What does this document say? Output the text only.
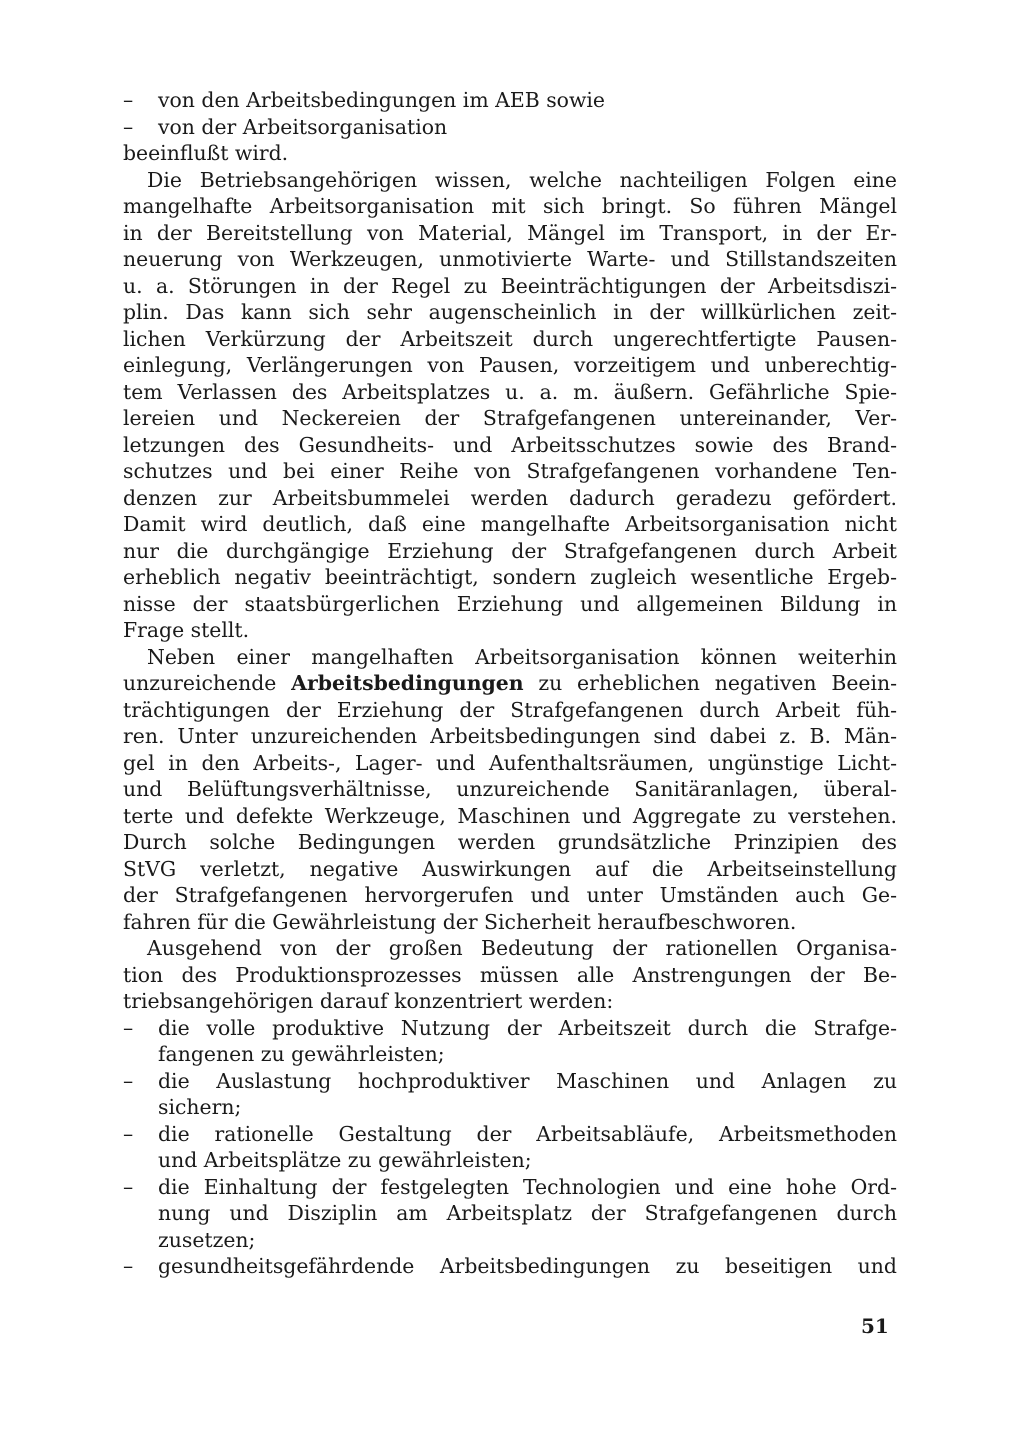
–	von den Arbeitsbedingungen im AEB sowie
–	von der Arbeitsorganisation
beeinflußt wird.
Die Betriebsangehörigen wissen, welche nachteiligen Folgen eine
mangelhafte Arbeitsorganisation mit sich bringt. So führen Mängel
in der Bereitstellung von Material, Mängel im Transport, in der Er-
neuerung von Werkzeugen, unmotivierte Warte- und Stillstandszeiten
u. a. Störungen in der Regel zu Beeinträchtigungen der Arbeitsdiszi-
plin. Das kann sich sehr augenscheinlich in der willkürlichen zeit-
lichen Verkürzung der Arbeitszeit durch ungerechtfertigte Pausen-
einlegung, Verlängerungen von Pausen, vorzeitigem und unberechtig-
tem Verlassen des Arbeitsplatzes u. a. m. äußern. Gefährliche Spie-
lereien und Neckereien der Strafgefangenen untereinander, Ver-
letzungen des Gesundheits- und Arbeitsschutzes sowie des Brand-
schutzes und bei einer Reihe von Strafgefangenen vorhandene Ten-
denzen zur Arbeitsbummelei werden dadurch geradezu gefördert.
Damit wird deutlich, daß eine mangelhafte Arbeitsorganisation nicht
nur die durchgängige Erziehung der Strafgefangenen durch Arbeit
erheblich negativ beeinträchtigt, sondern zugleich wesentliche Ergeb-
nisse der staatsbürgerlichen Erziehung und allgemeinen Bildung in
Frage stellt.
Neben einer mangelhaften Arbeitsorganisation können weiterhin
unzureichende Arbeitsbedingungen zu erheblichen negativen Beein-
trächtigungen der Erziehung der Strafgefangenen durch Arbeit füh-
ren. Unter unzureichenden Arbeitsbedingungen sind dabei z. B. Män-
gel in den Arbeits-, Lager- und Aufenthaltsräumen, ungünstige Licht-
und Belüftungsverhältnisse, unzureichende Sanitäranlagen, überal-
terte und defekte Werkzeuge, Maschinen und Aggregate zu verstehen.
Durch solche Bedingungen werden grundsätzliche Prinzipien des
StVG verletzt, negative Auswirkungen auf die Arbeitseinstellung
der Strafgefangenen hervorgerufen und unter Umständen auch Ge-
fahren für die Gewährleistung der Sicherheit heraufbeschworen.
Ausgehend von der großen Bedeutung der rationellen Organisa-
tion des Produktionsprozesses müssen alle Anstrengungen der Be-
triebsangehörigen darauf konzentriert werden:
–	die volle produktive Nutzung der Arbeitszeit durch die Strafge-
fangenen zu gewährleisten;
–	die Auslastung hochproduktiver Maschinen und Anlagen zu
sichern;
–	die rationelle Gestaltung der Arbeitsabläufe, Arbeitsmethoden
und Arbeitsplätze zu gewährleisten;
–	die Einhaltung der festgelegten Technologien und eine hohe Ord-
nung und Disziplin am Arbeitsplatz der Strafgefangenen durch
zusetzen;
–	gesundheitsgefährdende Arbeitsbedingungen zu beseitigen und
51
